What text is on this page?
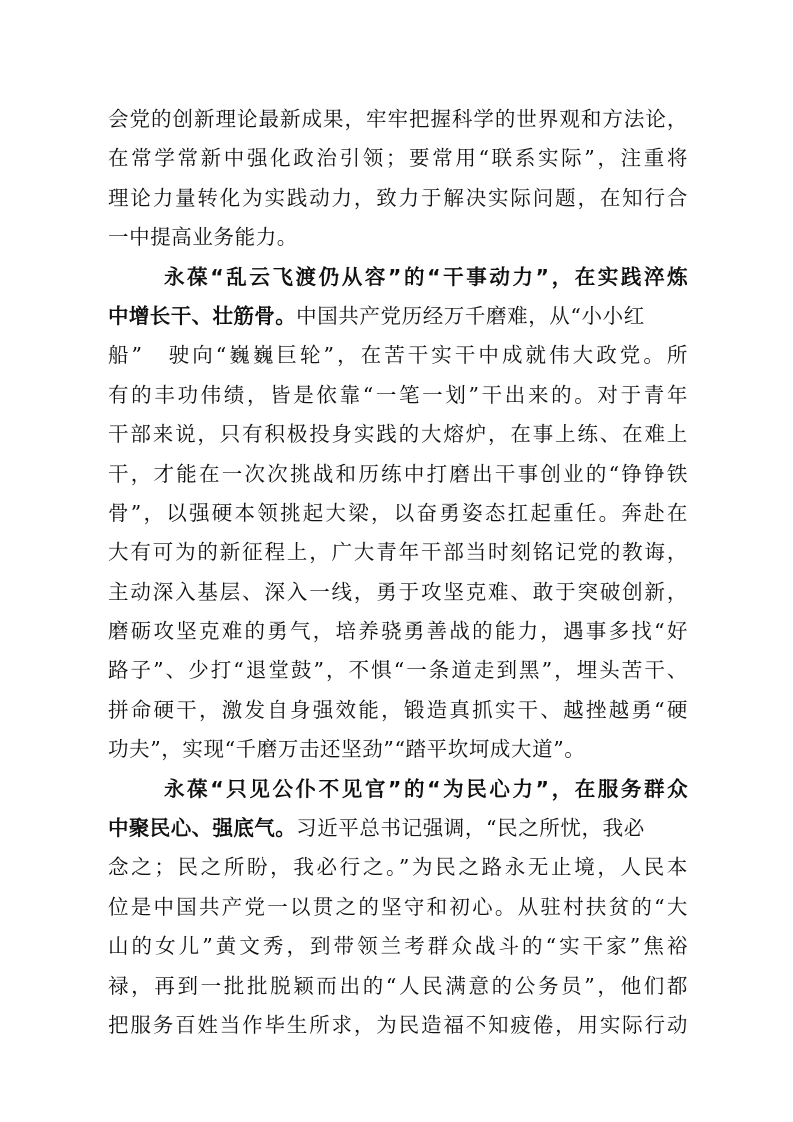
会党的创新理论最新成果，牢牢把握科学的世界观和方法论，
在常学常新中强化政治引领；要常用“联系实际”，注重将
理论力量转化为实践动力，致力于解决实际问题，在知行合
一中提高业务能力。
永葆“乱云飞渡仍从容”的“干事动力”，在实践淬炼
中增长干、壮筋骨。中国共产党历经万千磨难，从“小小红
船”　驶向“巍巍巨轮”，在苦干实干中成就伟大政党。所
有的丰功伟绩，皆是依靠“一笔一划”干出来的。对于青年
干部来说，只有积极投身实践的大熔炉，在事上练、在难上
干，才能在一次次挑战和历练中打磨出干事创业的“铮铮铁
骨”，以强硬本领挑起大梁，以奋勇姿态扛起重任。奔赴在
大有可为的新征程上，广大青年干部当时刻铭记党的教诲，
主动深入基层、深入一线，勇于攻坚克难、敢于突破创新，
磨砺攻坚克难的勇气，培养骁勇善战的能力，遇事多找“好
路子”、少打“退堂鼓”，不惧“一条道走到黑”，埋头苦干、
拼命硬干，激发自身强效能，锻造真抓实干、越挫越勇“硬
功夫”，实现“千磨万击还坚劲”“踏平坎坷成大道”。
永葆“只见公仆不见官”的“为民心力”，在服务群众
中聚民心、强底气。习近平总书记强调，“民之所忧，我必
念之；民之所盼，我必行之。”为民之路永无止境，人民本
位是中国共产党一以贯之的坚守和初心。从驻村扶贫的“大
山的女儿”黄文秀，到带领兰考群众战斗的“实干家”焦裕
禄，再到一批批脱颖而出的“人民满意的公务员”，他们都
把服务百姓当作毕生所求，为民造福不知疲倦，用实际行动
